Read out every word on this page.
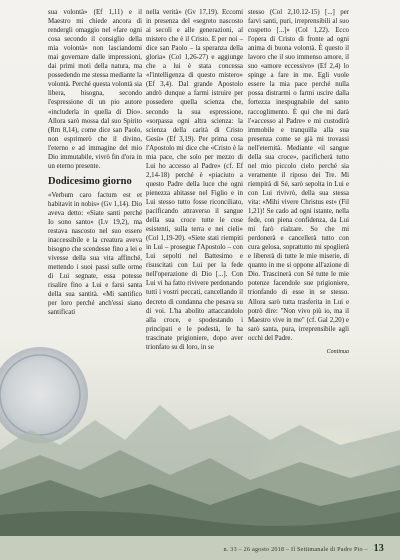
sua volontà» (Ef 1,11) e il Maestro mi chiede ancora di rendergli omaggio nel «fare ogni cosa secondo il consiglio della mia volontà» non lasciandomi mai governare dalle impressioni, dai primi moti della natura, ma possedendo me stessa mediante la volontà. Perché questa volontà sia libera, bisogna, secondo l'espressione di un pio autore «includerla in quella di Dio». Allora sarò mossa dal suo Spirito (Rm 8,14), come dice san Paolo, non esprimerò che il divino, l'eterno e ad immagine del mio Dio immutabile, vivrò fin d'ora in un eterno presente.

Dodicesimo giorno

«Verbum caro factum est et habitavit in nobis» (Gv 1,14). Dio aveva detto: «Siate santi perché Io sono santo» (Lv 19,2), ma restava nascosto nel suo essere inaccessibile e la creatura aveva bisogno che scendesse fino a lei e vivesse della sua vita affinché, mettendo i suoi passi sulle orme di Lui segnate, essa potesse risalire fino a Lui e farsi santa della sua santità. «Mi santifico per loro perché anch'essi siano santificati

nella verità» (Gv 17,19). Eccomi in presenza del «segreto nascosto ai secoli e alle generazioni, al mistero che è il Cristo. E per noi – dice san Paolo – la speranza della gloria» (Col 1,26-27) e aggiunge che a lui è stata concessa «l'intelligenza di questo mistero» (Ef 3,4). Dal grande Apostolo andrò dunque a farmi istruire per possedere quella scienza che, secondo la sua espressione, «sorpassa ogni altra scienza: la scienza della carità di Cristo Gesù» (Ef 3,19). Per prima cosa l'Apostolo mi dice che «Cristo è la mia pace, che solo per mezzo di Lui ho accesso al Padre» (cf. Ef 2,14-18) perché è «piaciuto a questo Padre della luce che ogni pienezza abitasse nel Figlio e in Lui stesso tutto fosse riconciliato, pacificando attraverso il sangue della sua croce tutte le cose esistenti, sulla terra e nei cieli» (Col 1,19-20). «Siete stati riempiti in Lui – prosegue l'Apostolo – con Lui sepolti nel Battesimo e risuscitati con Lui per la fede nell'operazione di Dio [...]. Con Lui vi ha fatto rivivere perdonando tutti i vostri peccati, cancellando il decreto di condanna che pesava su di voi. L'ha abolito attaccandolo alla croce, e spodestando i principati e le podestà, le ha trascinate prigioniere, dopo aver trionfato su di loro, in se

stesso (Col 2,10.12-15) [...] per farvi santi, puri, irreprensibili al suo cospetto [...]» (Col 1,22). Ecco l'opera di Cristo di fronte ad ogni anima di buona volontà. È questo il lavoro che il suo immenso amore, il suo «amore eccessivo» (Ef 2,4) lo spinge a fare in me. Egli vuole essere la mia pace perché nulla possa distrarmi o farmi uscire dalla fortezza inespugnabile del santo raccoglimento. È qui che mi darà l'«accesso al Padre» e mi custodirà immobile e tranquilla alla sua presenza come se già mi trovassi nell'eternità. Mediante «il sangue della sua croce», pacificherà tutto nel mio piccolo cielo perché sia veramente il riposo dei Tre. Mi riempirà di Sé, sarò sepolta in Lui e con Lui rivivrò, della sua stessa vita: «Mihi vivere Christus est» (Fil 1,21)! Se cado ad ogni istante, nella fede, con piena confidenza, da Lui mi farò rialzare. So che mi perdonerà e cancellerà tutto con cura gelosa, soprattutto mi spoglierà e libererà di tutte le mie miserie, di quanto in me si oppone all'azione di Dio. Trascinerà con Sé tutte le mie potenze facendole sue prigioniere, trionfando di esse in se stesso. Allora sarò tutta trasferita in Lui e potrò dire: "Non vivo più io, ma il Maestro vive in me" (cf. Gal 2,20) e sarò santa, pura, irreprensibile agli occhi del Padre.

Continua
n. 33 – 26 agosto 2018 – Il Settimanale di Padre Pio – 13
